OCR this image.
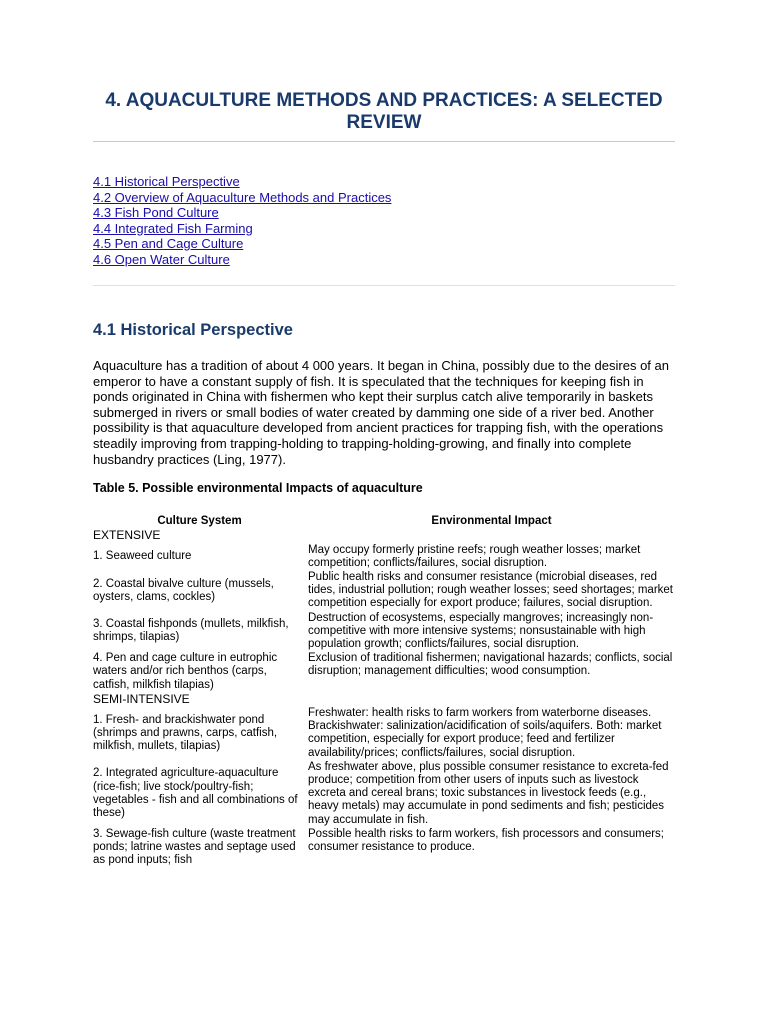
4. AQUACULTURE METHODS AND PRACTICES: A SELECTED REVIEW
4.1 Historical Perspective
4.2 Overview of Aquaculture Methods and Practices
4.3 Fish Pond Culture
4.4 Integrated Fish Farming
4.5 Pen and Cage Culture
4.6 Open Water Culture
4.1 Historical Perspective

Aquaculture has a tradition of about 4 000 years. It began in China, possibly due to the desires of an emperor to have a constant supply of fish. It is speculated that the techniques for keeping fish in ponds originated in China with fishermen who kept their surplus catch alive temporarily in baskets submerged in rivers or small bodies of water created by damming one side of a river bed. Another possibility is that aquaculture developed from ancient practices for trapping fish, with the operations steadily improving from trapping-holding to trapping-holding-growing, and finally into complete husbandry practices (Ling, 1977).

Table 5. Possible environmental Impacts of aquaculture

Culture System	Environmental Impact
EXTENSIVE	
1. Seaweed culture	May occupy formerly pristine reefs; rough weather losses; market competition; conflicts/failures, social disruption.
2. Coastal bivalve culture (mussels, oysters, clams, cockles)	Public health risks and consumer resistance (microbial diseases, red tides, industrial pollution; rough weather losses; seed shortages; market competition especially for export produce; failures, social disruption.
3. Coastal fishponds (mullets, milkfish, shrimps, tilapias)	Destruction of ecosystems, especially mangroves; increasingly non-competitive with more intensive systems; nonsustainable with high population growth; conflicts/failures, social disruption.
4. Pen and cage culture in eutrophic waters and/or rich benthos (carps, catfish, milkfish tilapias)	Exclusion of traditional fishermen; navigational hazards; conflicts, social disruption; management difficulties; wood consumption.
SEMI-INTENSIVE	
1. Fresh- and brackishwater pond (shrimps and prawns, carps, catfish, milkfish, mullets, tilapias)	Freshwater: health risks to farm workers from waterborne diseases. Brackishwater: salinization/acidification of soils/aquifers. Both: market competition, especially for export produce; feed and fertilizer availability/prices; conflicts/failures, social disruption.
2. Integrated agriculture-aquaculture (rice-fish; live stock/poultry-fish; vegetables - fish and all combinations of these)	As freshwater above, plus possible consumer resistance to excreta-fed produce; competition from other users of inputs such as livestock excreta and cereal brans; toxic substances in livestock feeds (e.g., heavy metals) may accumulate in pond sediments and fish; pesticides may accumulate in fish.
3. Sewage-fish culture (waste treatment ponds; latrine wastes and septage used as pond inputs; fish	Possible health risks to farm workers, fish processors and consumers; consumer resistance to produce.
